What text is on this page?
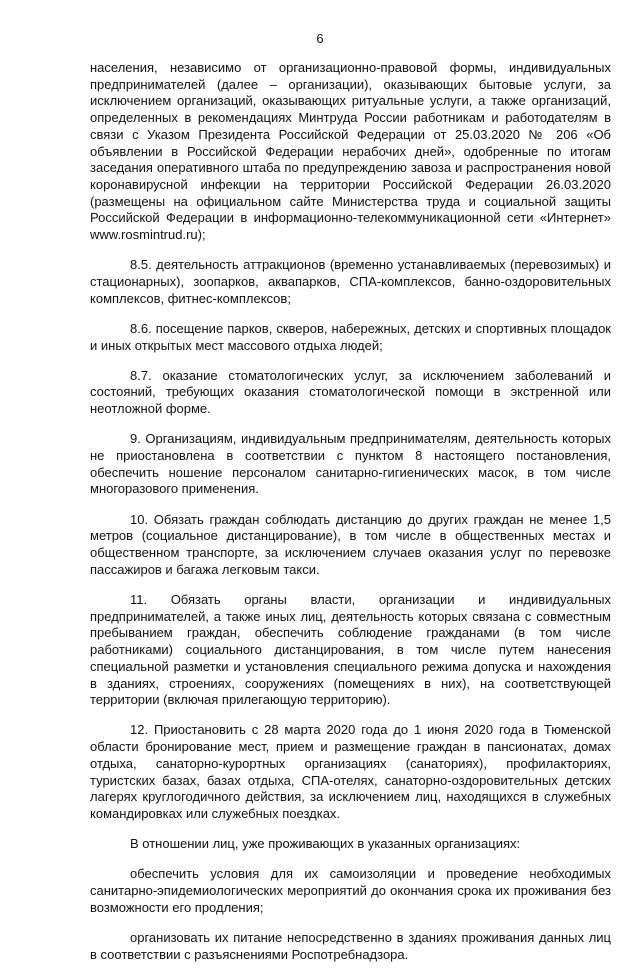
6

населения, независимо от организационно-правовой формы, индивидуальных предпринимателей (далее – организации), оказывающих бытовые услуги, за исключением организаций, оказывающих ритуальные услуги, а также организаций, определенных в рекомендациях Минтруда России работникам и работодателям в связи с Указом Президента Российской Федерации от 25.03.2020 № 206 «Об объявлении в Российской Федерации нерабочих дней», одобренные по итогам заседания оперативного штаба по предупреждению завоза и распространения новой коронавирусной инфекции на территории Российской Федерации 26.03.2020 (размещены на официальном сайте Министерства труда и социальной защиты Российской Федерации в информационно-телекоммуникационной сети «Интернет» www.rosmintrud.ru);

8.5. деятельность аттракционов (временно устанавливаемых (перевозимых) и стационарных), зоопарков, аквапарков, СПА-комплексов, банно-оздоровительных комплексов, фитнес-комплексов;

8.6. посещение парков, скверов, набережных, детских и спортивных площадок и иных открытых мест массового отдыха людей;

8.7. оказание стоматологических услуг, за исключением заболеваний и состояний, требующих оказания стоматологической помощи в экстренной или неотложной форме.

9. Организациям, индивидуальным предпринимателям, деятельность которых не приостановлена в соответствии с пунктом 8 настоящего постановления, обеспечить ношение персоналом санитарно-гигиенических масок, в том числе многоразового применения.

10. Обязать граждан соблюдать дистанцию до других граждан не менее 1,5 метров (социальное дистанцирование), в том числе в общественных местах и общественном транспорте, за исключением случаев оказания услуг по перевозке пассажиров и багажа легковым такси.

11. Обязать органы власти, организации и индивидуальных предпринимателей, а также иных лиц, деятельность которых связана с совместным пребыванием граждан, обеспечить соблюдение гражданами (в том числе работниками) социального дистанцирования, в том числе путем нанесения специальной разметки и установления специального режима допуска и нахождения в зданиях, строениях, сооружениях (помещениях в них), на соответствующей территории (включая прилегающую территорию).

12. Приостановить с 28 марта 2020 года до 1 июня 2020 года в Тюменской области бронирование мест, прием и размещение граждан в пансионатах, домах отдыха, санаторно-курортных организациях (санаториях), профилакториях, туристских базах, базах отдыха, СПА-отелях, санаторно-оздоровительных детских лагерях круглогодичного действия, за исключением лиц, находящихся в служебных командировках или служебных поездках.

В отношении лиц, уже проживающих в указанных организациях:

обеспечить условия для их самоизоляции и проведение необходимых санитарно-эпидемиологических мероприятий до окончания срока их проживания без возможности его продления;

организовать их питание непосредственно в зданиях проживания данных лиц в соответствии с разъяснениями Роспотребнадзора.
